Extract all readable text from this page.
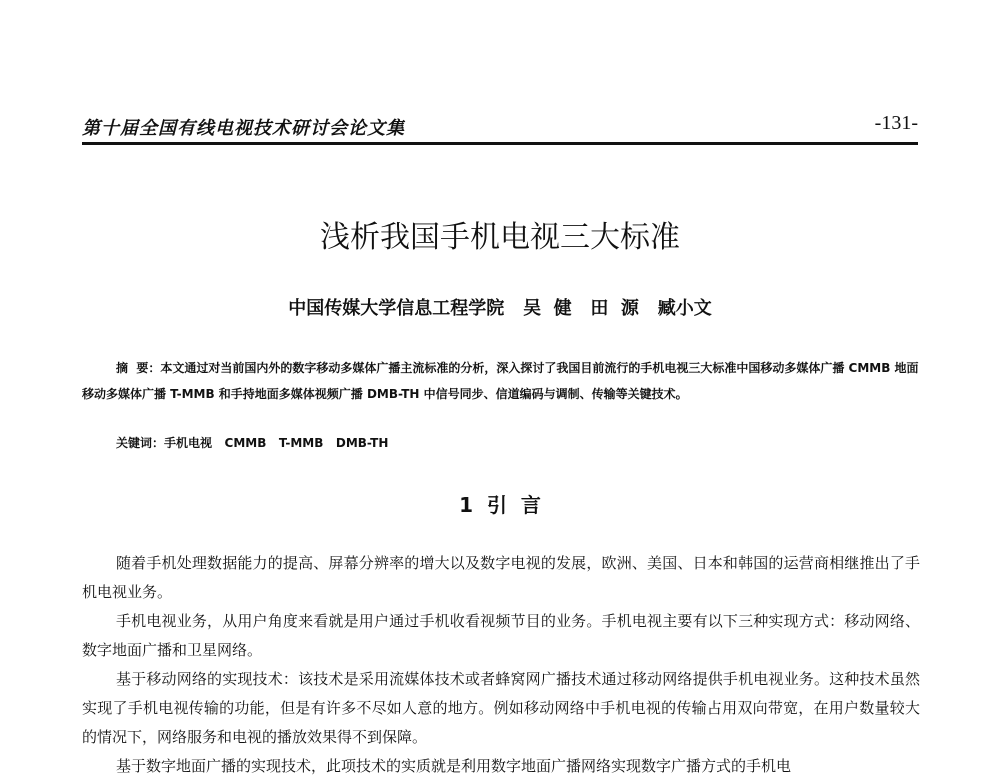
第十届全国有线电视技术研讨会论文集	-131-
浅析我国手机电视三大标准
中国传媒大学信息工程学院   吴  健   田  源   臧小文
摘  要：本文通过对当前国内外的数字移动多媒体广播主流标准的分析，深入探讨了我国目前流行的手机电视三大标准中国移动多媒体广播 CMMB 地面移动多媒体广播 T-MMB 和手持地面多媒体视频广播 DMB-TH 中信号同步、信道编码与调制、传输等关键技术。
关键词：手机电视   CMMB   T-MMB   DMB-TH
1  引  言

随着手机处理数据能力的提高、屏幕分辨率的增大以及数字电视的发展，欧洲、美国、日本和韩国的运营商相继推出了手机电视业务。

手机电视业务，从用户角度来看就是用户通过手机收看视频节目的业务。手机电视主要有以下三种实现方式：移动网络、数字地面广播和卫星网络。

基于移动网络的实现技术：该技术是采用流媒体技术或者蜂窝网广播技术通过移动网络提供手机电视业务。这种技术虽然实现了手机电视传输的功能，但是有许多不尽如人意的地方。例如移动网络中手机电视的传输占用双向带宽，在用户数量较大的情况下，网络服务和电视的播放效果得不到保障。

基于数字地面广播的实现技术，此项技术的实质就是利用数字地面广播网络实现数字广播方式的手机电
